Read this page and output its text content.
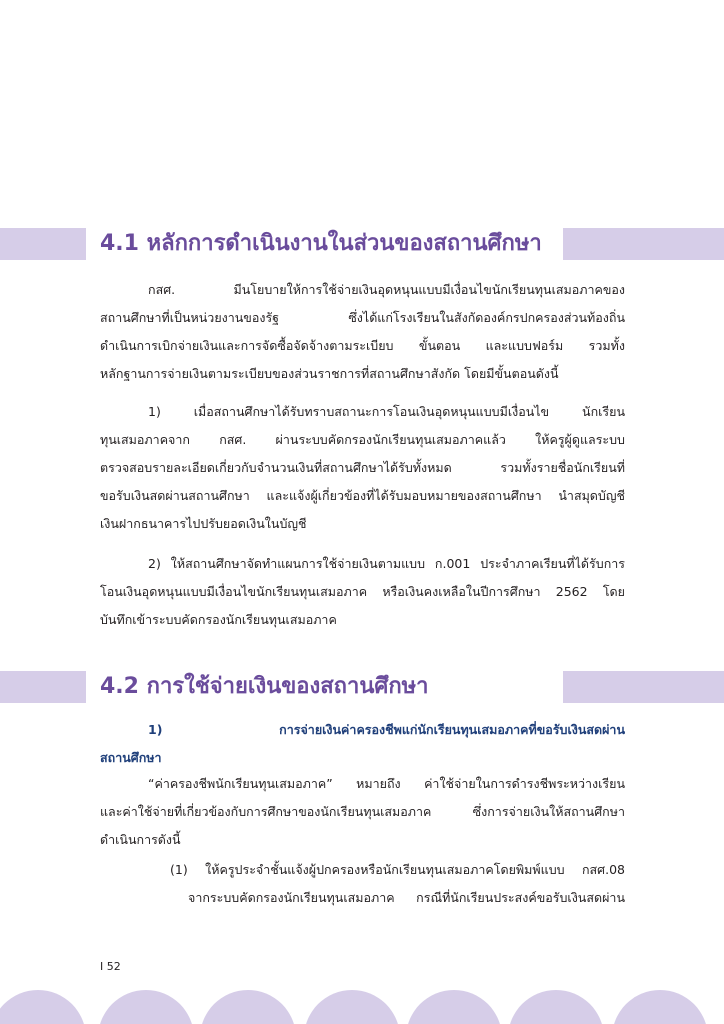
4.1 หลักการดำเนินงานในส่วนของสถานศึกษา
กสศ. มีนโยบายให้การใช้จ่ายเงินอุดหนุนแบบมีเงื่อนไขนักเรียนทุนเสมอภาคของ
สถานศึกษาที่เป็นหน่วยงานของรัฐ ซึ่งได้แก่โรงเรียนในสังกัดองค์กรปกครองส่วนท้องถิ่น
ดำเนินการเบิกจ่ายเงินและการจัดซื้อจัดจ้างตามระเบียบ ขั้นตอน และแบบฟอร์ม รวมทั้ง
หลักฐานการจ่ายเงินตามระเบียบของส่วนราชการที่สถานศึกษาสังกัด โดยมีขั้นตอนดังนี้
1) เมื่อสถานศึกษาได้รับทราบสถานะการโอนเงินอุดหนุนแบบมีเงื่อนไข นักเรียน
ทุนเสมอภาคจาก กสศ. ผ่านระบบคัดกรองนักเรียนทุนเสมอภาคแล้ว ให้ครูผู้ดูแลระบบ
ตรวจสอบรายละเอียดเกี่ยวกับจำนวนเงินที่สถานศึกษาได้รับทั้งหมด รวมทั้งรายชื่อนักเรียนที่
ขอรับเงินสดผ่านสถานศึกษา และแจ้งผู้เกี่ยวข้องที่ได้รับมอบหมายของสถานศึกษา นำสมุดบัญชี
เงินฝากธนาคารไปปรับยอดเงินในบัญชี
2) ให้สถานศึกษาจัดทำแผนการใช้จ่ายเงินตามแบบ ก.001 ประจำภาคเรียนที่ได้รับการ
โอนเงินอุดหนุนแบบมีเงื่อนไขนักเรียนทุนเสมอภาค หรือเงินคงเหลือในปีการศึกษา 2562 โดย
บันทึกเข้าระบบคัดกรองนักเรียนทุนเสมอภาค
4.2 การใช้จ่ายเงินของสถานศึกษา
1) การจ่ายเงินค่าครองชีพแก่นักเรียนทุนเสมอภาคที่ขอรับเงินสดผ่าน
สถานศึกษา
“ค่าครองชีพนักเรียนทุนเสมอภาค” หมายถึง ค่าใช้จ่ายในการดำรงชีพระหว่างเรียน
และค่าใช้จ่ายที่เกี่ยวข้องกับการศึกษาของนักเรียนทุนเสมอภาค ซึ่งการจ่ายเงินให้สถานศึกษา
ดำเนินการดังนี้
(1) ให้ครูประจำชั้นแจ้งผู้ปกครองหรือนักเรียนทุนเสมอภาคโดยพิมพ์แบบ กสศ.08
จากระบบคัดกรองนักเรียนทุนเสมอภาค กรณีที่นักเรียนประสงค์ขอรับเงินสดผ่าน
I 52
